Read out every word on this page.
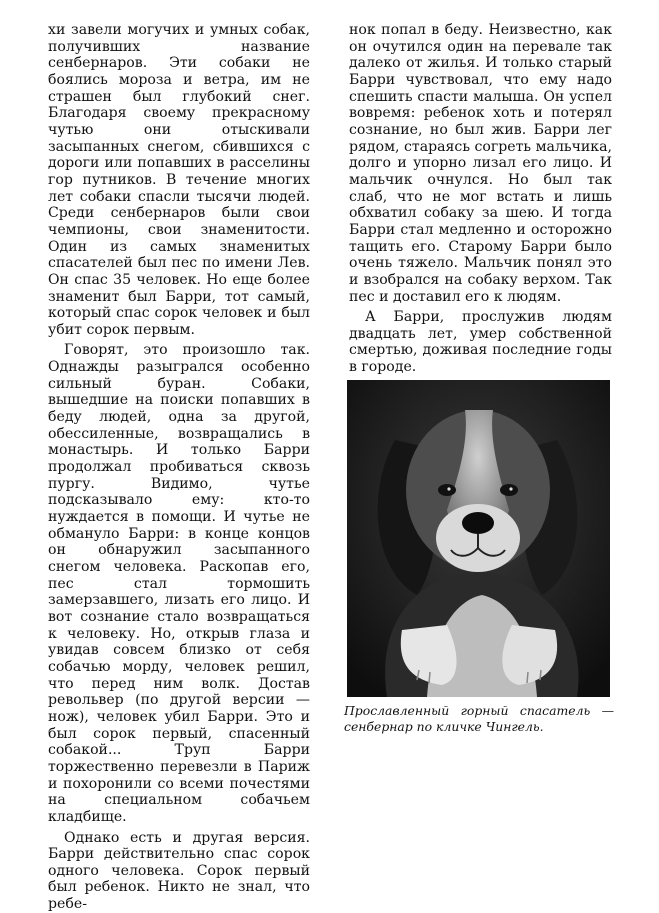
хи завели могучих и умных собак, получивших название сенбернаров. Эти собаки не боялись мороза и ветра, им не страшен был глубокий снег. Благодаря своему прекрасному чутью они отыскивали засыпанных снегом, сбившихся с дороги или попавших в расселины гор путников. В течение многих лет собаки спасли тысячи людей. Среди сенбернаров были свои чемпионы, свои знаменитости. Один из самых знаменитых спасателей был пес по имени Лев. Он спас 35 человек. Но еще более знаменит был Барри, тот самый, который спас сорок человек и был убит сорок первым.

Говорят, это произошло так. Однажды разыгрался особенно сильный буран. Собаки, вышедшие на поиски попавших в беду людей, одна за другой, обессиленные, возвращались в монастырь. И только Барри продолжал пробиваться сквозь пургу. Видимо, чутье подсказывало ему: кто-то нуждается в помощи. И чутье не обмануло Барри: в конце концов он обнаружил засыпанного снегом человека. Раскопав его, пес стал тормошить замерзавшего, лизать его лицо. И вот сознание стало возвращаться к человеку. Но, открыв глаза и увидав совсем близко от себя собачью морду, человек решил, что перед ним волк. Достав револьвер (по другой версии — нож), человек убил Барри. Это и был сорок первый, спасенный собакой... Труп Барри торжественно перевезли в Париж и похоронили со всеми почестями на специальном собачьем кладбище.

Однако есть и другая версия. Барри действительно спас сорок одного человека. Сорок первый был ребенок. Никто не знал, что ребе-

нок попал в беду. Неизвестно, как он очутился один на перевале так далеко от жилья. И только старый Барри чувствовал, что ему надо спешить спасти малыша. Он успел вовремя: ребенок хоть и потерял сознание, но был жив. Барри лег рядом, стараясь согреть мальчика, долго и упорно лизал его лицо. И мальчик очнулся. Но был так слаб, что не мог встать и лишь обхватил собаку за шею. И тогда Барри стал медленно и осторожно тащить его. Старому Барри было очень тяжело. Мальчик понял это и взобрался на собаку верхом. Так пес и доставил его к людям.

А Барри, прослужив людям двадцать лет, умер собственной смертью, доживая последние годы в городе.

Прославленный горный спасатель — сенбернар по кличке Чингель.
